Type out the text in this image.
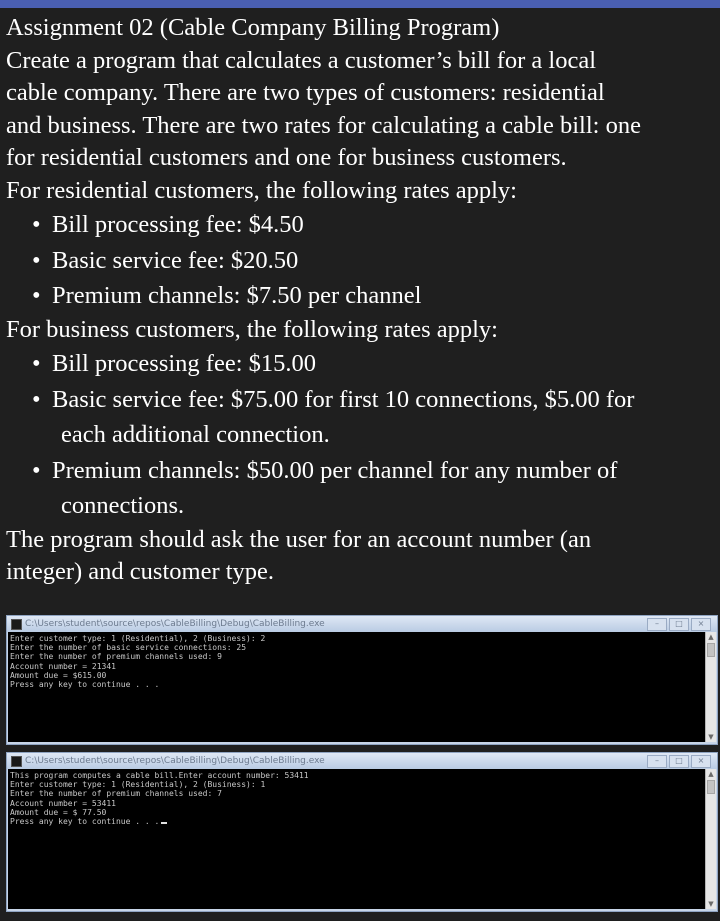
Assignment 02 (Cable Company Billing Program)

Create a program that calculates a customer’s bill for a local

cable company. There are two types of customers: residential

and business. There are two rates for calculating a cable bill: one

for residential customers and one for business customers.

For residential customers, the following rates apply:

• Bill processing fee: $4.50
• Basic service fee: $20.50
• Premium channels: $7.50 per channel

For business customers, the following rates apply:

• Bill processing fee: $15.00
• Basic service fee: $75.00 for first 10 connections, $5.00 for
each additional connection.
• Premium channels: $50.00 per channel for any number of
connections.

The program should ask the user for an account number (an

integer) and customer type.

C:\Users\student\source\repos\CableBilling\Debug\CableBilling.exe	–	□	×

Enter customer type: 1 (Residential), 2 (Business): 2

Enter the number of basic service connections: 25

Enter the number of premium channels used: 9

Account number = 21341

Amount due = $615.00

Press any key to continue . . .

▲
▼
C:\Users\student\source\repos\CableBilling\Debug\CableBilling.exe	–	□	×

This program computes a cable bill.Enter account number: 53411

Enter customer type: 1 (Residential), 2 (Business): 1

Enter the number of premium channels used: 7

Account number = 53411

Amount due = $ 77.50

Press any key to continue . . .

▲
▼
